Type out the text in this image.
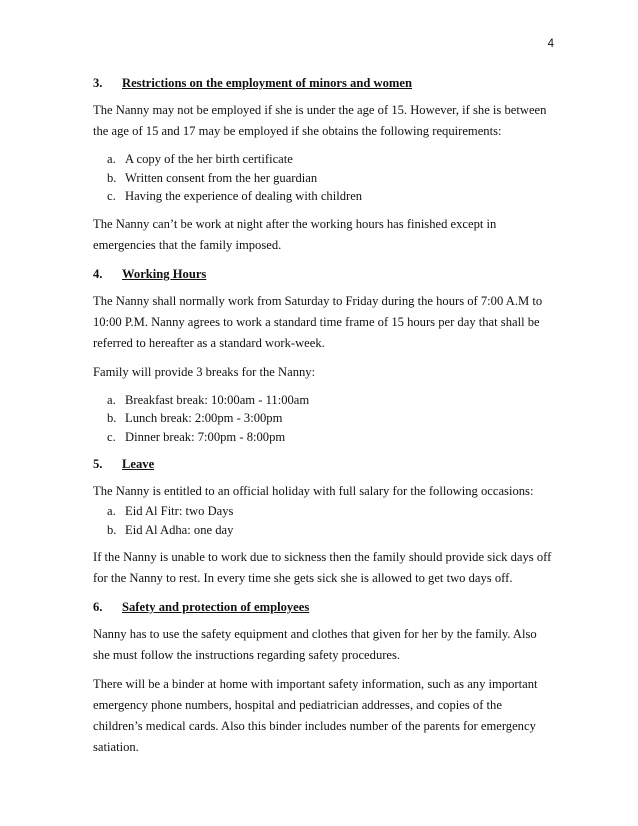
4
3.	Restrictions on the employment of minors and women

The Nanny may not be employed if she is under the age of 15. However, if she is between the age of 15 and 17 may be employed if she obtains the following requirements:

a. A copy of the her birth certificate
b. Written consent from the her guardian
c. Having the experience of dealing with children

The Nanny can’t be work at night after the working hours has finished except in emergencies that the family imposed.

4.	Working Hours

The Nanny shall normally work from Saturday to Friday during the hours of 7:00 A.M to 10:00 P.M. Nanny agrees to work a standard time frame of 15 hours per day that shall be referred to hereafter as a standard work-week.

Family will provide 3 breaks for the Nanny:

a. Breakfast break: 10:00am - 11:00am
b. Lunch break: 2:00pm - 3:00pm
c. Dinner break: 7:00pm - 8:00pm
5.	Leave

The Nanny is entitled to an official holiday with full salary for the following occasions:

a. Eid Al Fitr: two Days
b. Eid Al Adha: one day

If the Nanny is unable to work due to sickness then the family should provide sick days off for the Nanny to rest. In every time she gets sick she is allowed to get two days off.

6.	Safety and protection of employees

Nanny has to use the safety equipment and clothes that given for her by the family. Also she must follow the instructions regarding safety procedures.

There will be a binder at home with important safety information, such as any important emergency phone numbers, hospital and pediatrician addresses, and copies of the children’s medical cards. Also this binder includes number of the parents for emergency satiation.
